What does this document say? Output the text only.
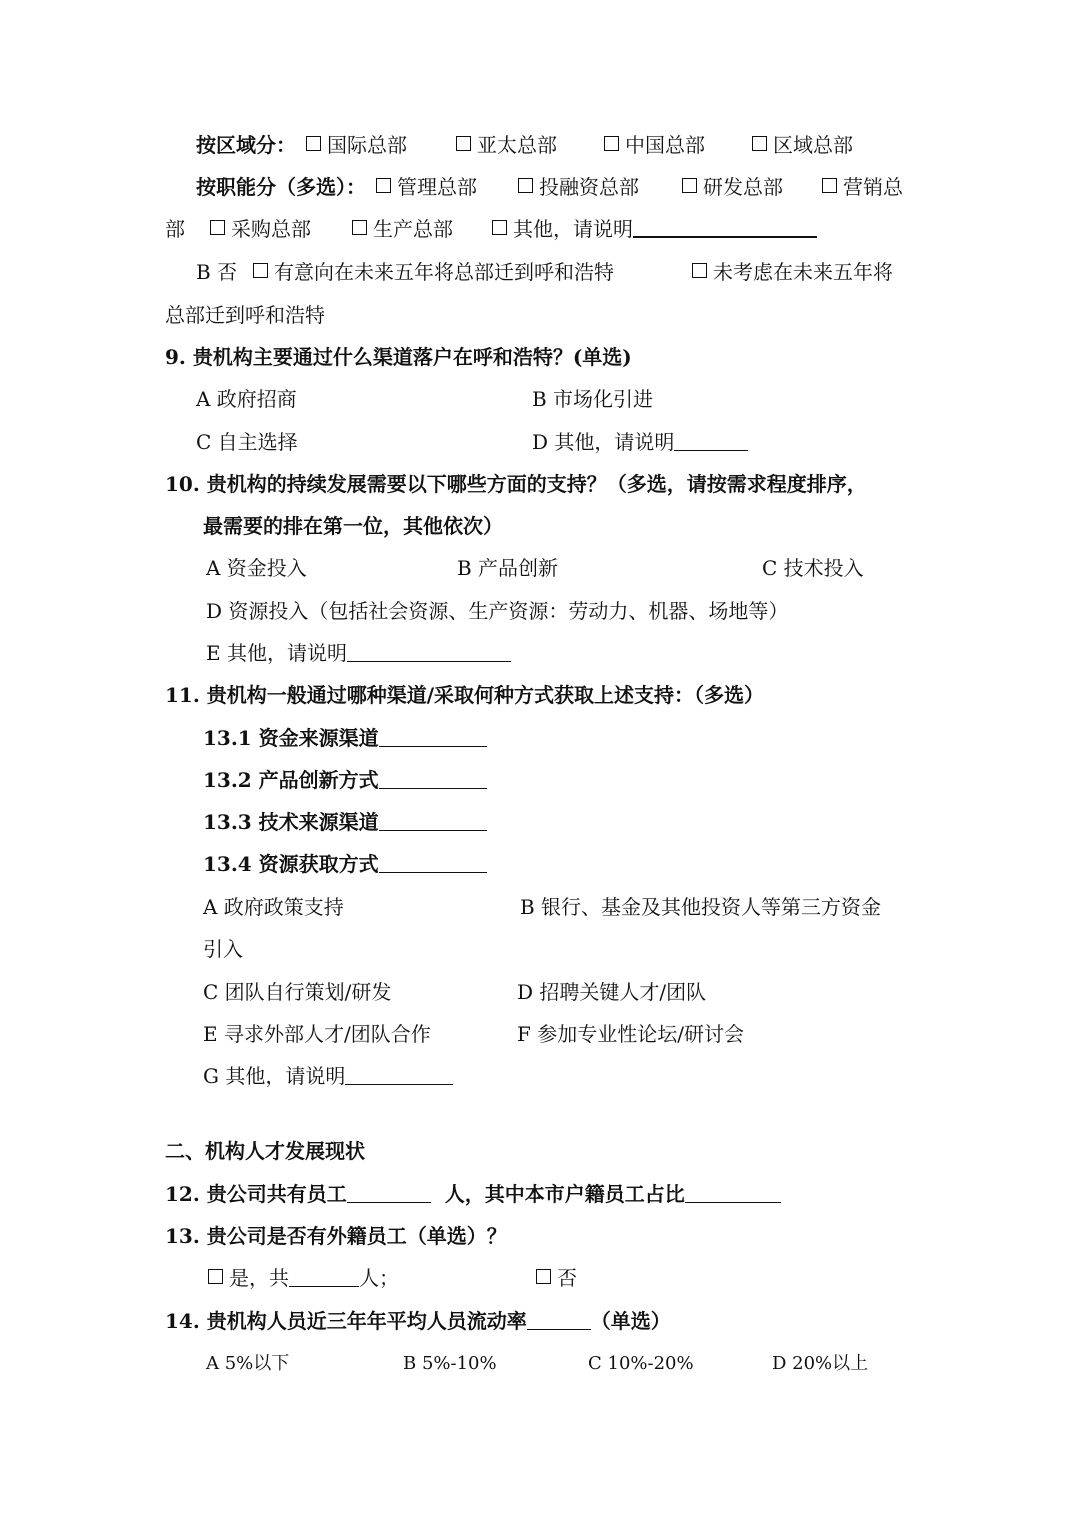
按区域分：	国际总部	亚太总部	中国总部	区域总部
按职能分（多选）：	管理总部	投融资总部	研发总部	营销总
部	采购总部	生产总部	其他，请说明
B 否	有意向在未来五年将总部迁到呼和浩特	未考虑在未来五年将
总部迁到呼和浩特
9. 贵机构主要通过什么渠道落户在呼和浩特？(单选)
A 政府招商	B 市场化引进
C 自主选择	D 其他，请说明
10. 贵机构的持续发展需要以下哪些方面的支持？（多选，请按需求程度排序，
最需要的排在第一位，其他依次）
A 资金投入	B 产品创新	C 技术投入
D 资源投入（包括社会资源、生产资源：劳动力、机器、场地等）
E 其他，请说明
11. 贵机构一般通过哪种渠道/采取何种方式获取上述支持：（多选）
13.1 资金来源渠道
13.2 产品创新方式
13.3 技术来源渠道
13.4 资源获取方式
A 政府政策支持	B 银行、基金及其他投资人等第三方资金
引入
C 团队自行策划/研发	D 招聘关键人才/团队
E 寻求外部人才/团队合作	F 参加专业性论坛/研讨会
G 其他，请说明
二、机构人才发展现状
12. 贵公司共有员工	人，其中本市户籍员工占比
13. 贵公司是否有外籍员工（单选）？
是，共	人；	否
14. 贵机构人员近三年年平均人员流动率	（单选）
A 5%以下	B 5%-10%	C 10%-20%	D 20%以上
